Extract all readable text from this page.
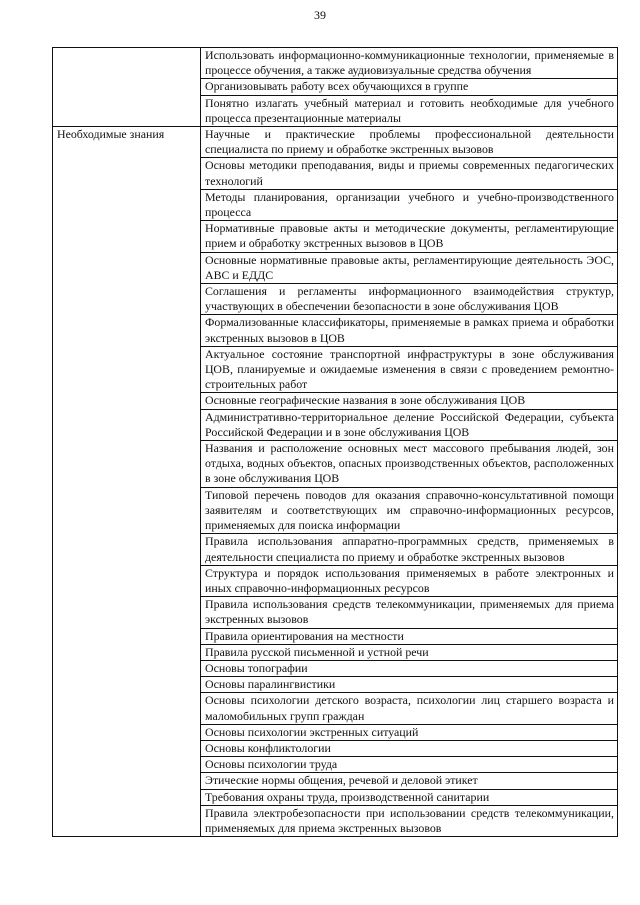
39
	Использовать информационно-коммуникационные технологии, применяемые в процессе обучения, а также аудиовизуальные средства обучения
	Организовывать работу всех обучающихся в группе
	Понятно излагать учебный материал и готовить необходимые для учебного процесса презентационные материалы

Необходимые знания	Научные и практические проблемы профессиональной деятельности специалиста по приему и обработке экстренных вызовов
	Основы методики преподавания, виды и приемы современных педагогических технологий
	Методы планирования, организации учебного и учебно-производственного процесса
	Нормативные правовые акты и методические документы, регламентирующие прием и обработку экстренных вызовов в ЦОВ
	Основные нормативные правовые акты, регламентирующие деятельность ЭОС, АВС и ЕДДС
	Соглашения и регламенты информационного взаимодействия структур, участвующих в обеспечении безопасности в зоне обслуживания ЦОВ
	Формализованные классификаторы, применяемые в рамках приема и обработки экстренных вызовов в ЦОВ
	Актуальное состояние транспортной инфраструктуры в зоне обслуживания ЦОВ, планируемые и ожидаемые изменения в связи с проведением ремонтно-строительных работ
	Основные географические названия в зоне обслуживания ЦОВ
	Административно-территориальное деление Российской Федерации, субъекта Российской Федерации и в зоне обслуживания ЦОВ
	Названия и расположение основных мест массового пребывания людей, зон отдыха, водных объектов, опасных производственных объектов, расположенных в зоне обслуживания ЦОВ
	Типовой перечень поводов для оказания справочно-консультативной помощи заявителям и соответствующих им справочно-информационных ресурсов, применяемых для поиска информации
	Правила использования аппаратно-программных средств, применяемых в деятельности специалиста по приему и обработке экстренных вызовов
	Структура и порядок использования применяемых в работе электронных и иных справочно-информационных ресурсов
	Правила использования средств телекоммуникации, применяемых для приема экстренных вызовов
	Правила ориентирования на местности
	Правила русской письменной и устной речи
	Основы топографии
	Основы паралингвистики
	Основы психологии детского возраста, психологии лиц старшего возраста и маломобильных групп граждан
	Основы психологии экстренных ситуаций
	Основы конфликтологии
	Основы психологии труда
	Этические нормы общения, речевой и деловой этикет
	Требования охраны труда, производственной санитарии
	Правила электробезопасности при использовании средств телекоммуникации, применяемых для приема экстренных вызовов
